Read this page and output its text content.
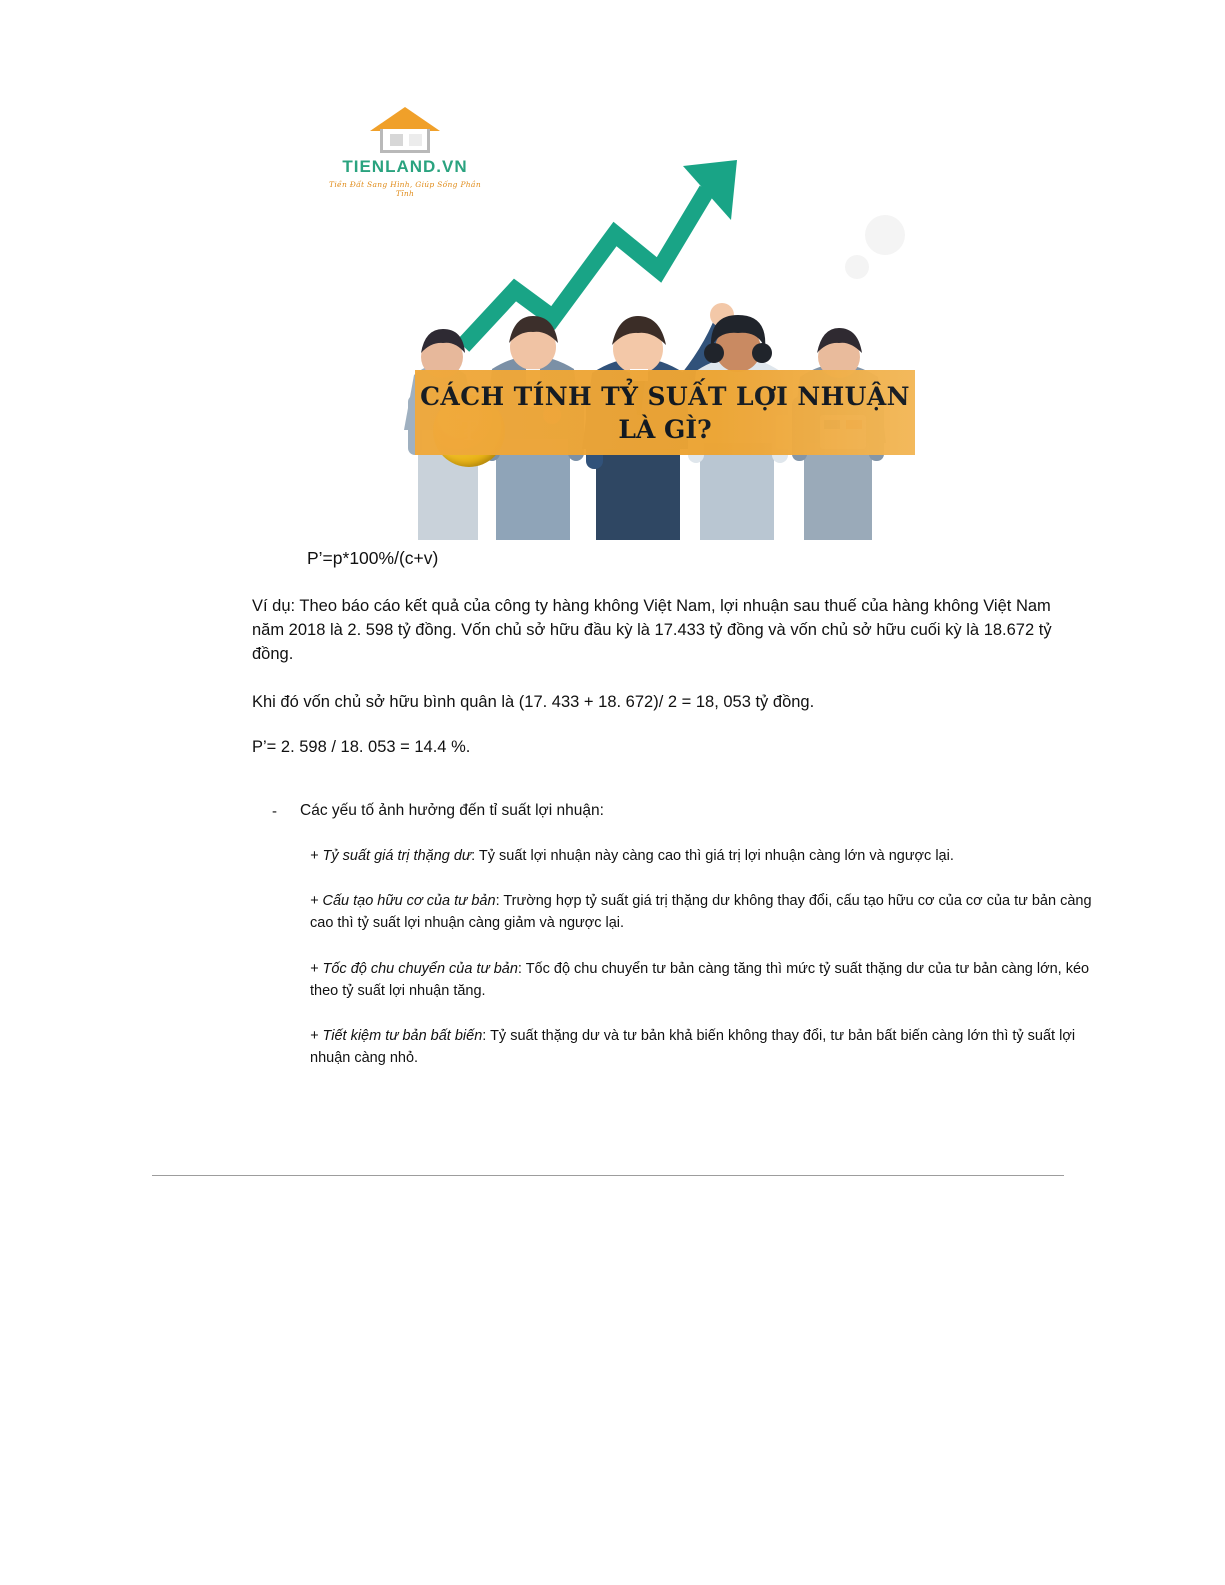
TIENLAND.VN
Tiền Đất Sang Hình, Giúp Sống Phần Tĩnh
CÁCH TÍNH TỶ SUẤT LỢI NHUẬN
LÀ GÌ?
P’=p*100%/(c+v)

Ví dụ: Theo báo cáo kết quả của công ty hàng không Việt Nam, lợi nhuận sau thuế của hàng không Việt Nam năm 2018 là 2. 598 tỷ đồng. Vốn chủ sở hữu đầu kỳ là 17.433 tỷ đồng và vốn chủ sở hữu cuối kỳ là 18.672 tỷ đồng.

Khi đó vốn chủ sở hữu bình quân là (17. 433 + 18. 672)/ 2 = 18, 053 tỷ đồng.

P’= 2. 598 / 18. 053 = 14.4 %.

-	Các yếu tố ảnh hưởng đến tỉ suất lợi nhuận:
+ Tỷ suất giá trị thặng dư: Tỷ suất lợi nhuận này càng cao thì giá trị lợi nhuận càng lớn và ngược lại.
+ Cấu tạo hữu cơ của tư bản: Trường hợp tỷ suất giá trị thặng dư không thay đổi, cấu tạo hữu cơ của cơ của tư bản càng cao thì tỷ suất lợi nhuận càng giảm và ngược lại.
+ Tốc độ chu chuyển của tư bản: Tốc độ chu chuyển tư bản càng tăng thì mức tỷ suất thặng dư của tư bản càng lớn, kéo theo tỷ suất lợi nhuận tăng.
+ Tiết kiệm tư bản bất biến: Tỷ suất thặng dư và tư bản khả biến không thay đổi, tư bản bất biến càng lớn thì tỷ suất lợi nhuận càng nhỏ.
